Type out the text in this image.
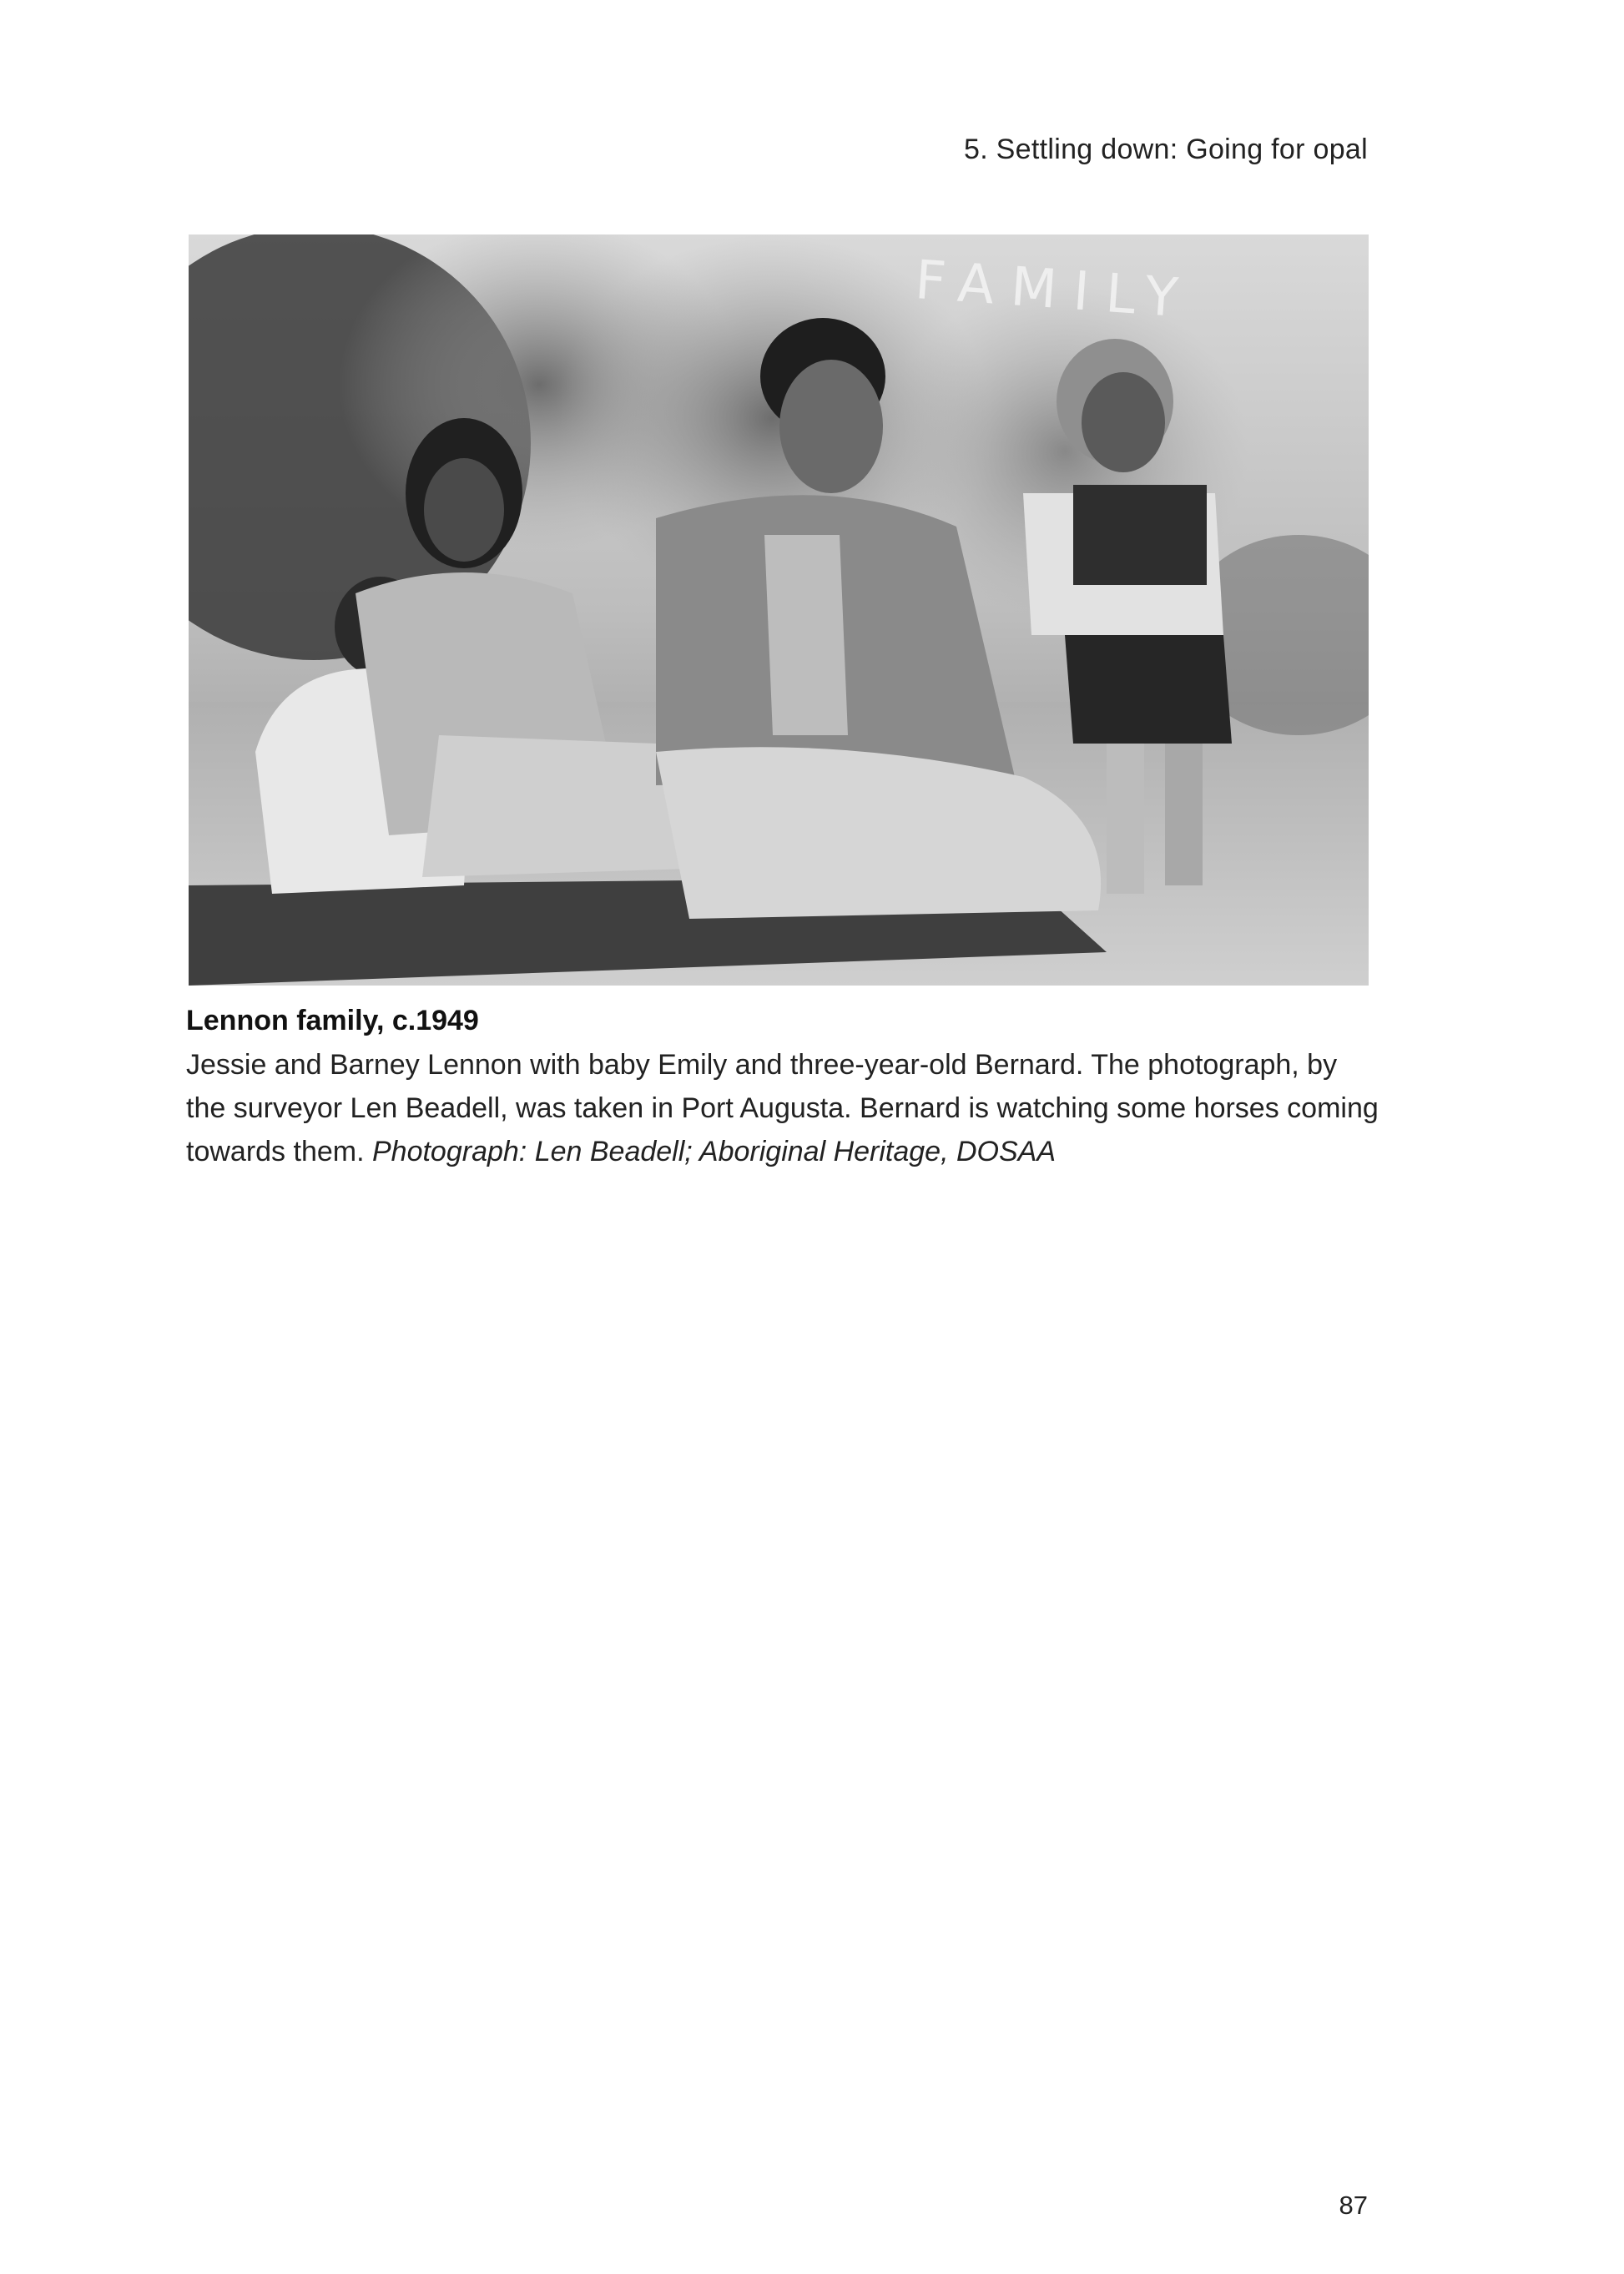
5. Settling down: Going for opal
FAMILY

Lennon family, c.1949

Jessie and Barney Lennon with baby Emily and three-year-old Bernard. The photograph, by the surveyor Len Beadell, was taken in Port Augusta. Bernard is watching some horses coming towards them. Photograph: Len Beadell; Aboriginal Heritage, DOSAA

87
